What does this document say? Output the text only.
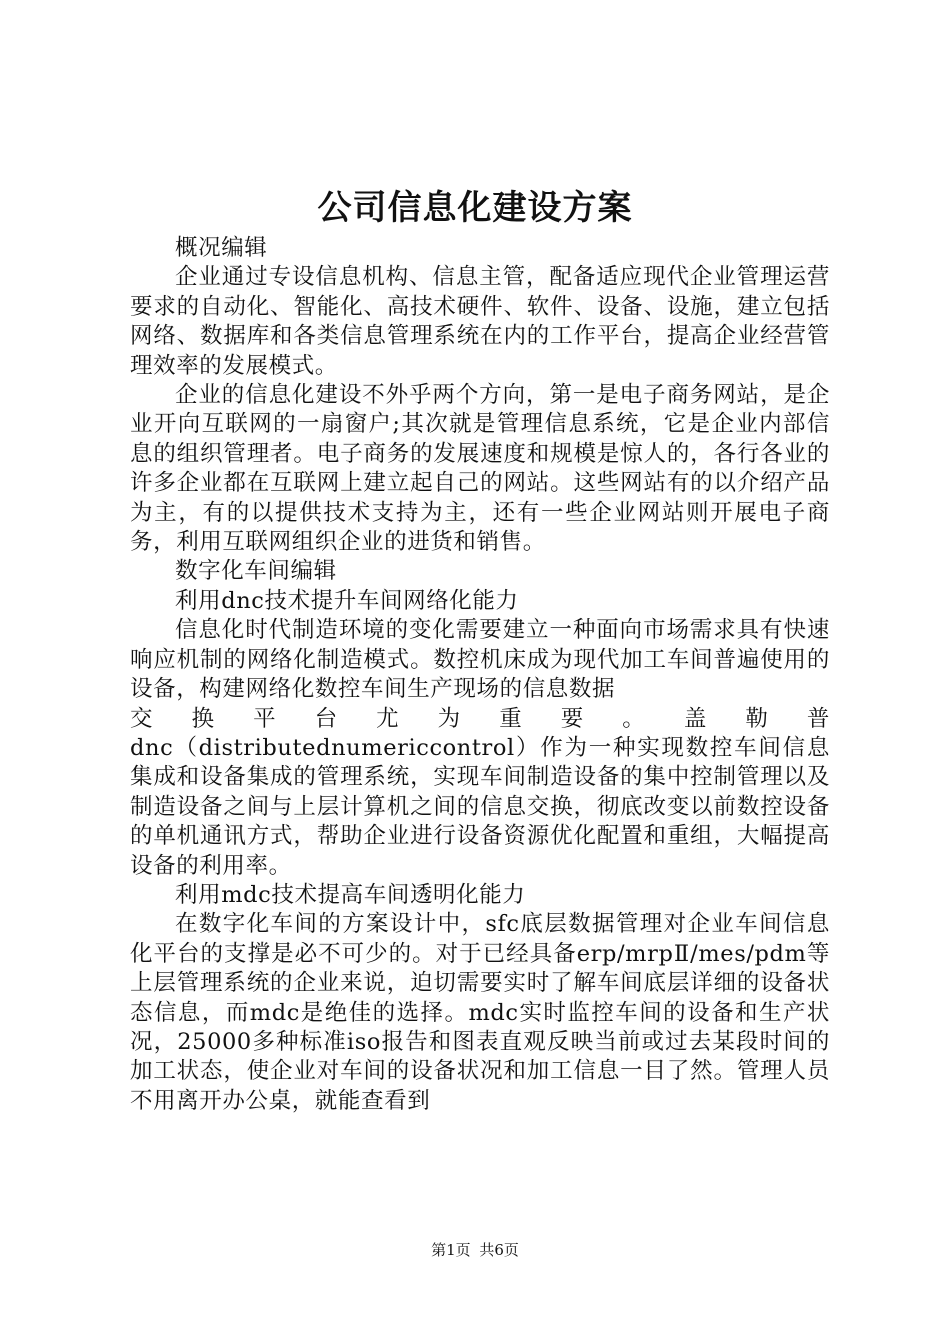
公司信息化建设方案

概况编辑

企业通过专设信息机构、信息主管，配备适应现代企业管理运营要求的自动化、智能化、高技术硬件、软件、设备、设施，建立包括网络、数据库和各类信息管理系统在内的工作平台，提高企业经营管理效率的发展模式。

企业的信息化建设不外乎两个方向，第一是电子商务网站，是企业开向互联网的一扇窗户;其次就是管理信息系统，它是企业内部信息的组织管理者。电子商务的发展速度和规模是惊人的，各行各业的许多企业都在互联网上建立起自己的网站。这些网站有的以介绍产品为主，有的以提供技术支持为主，还有一些企业网站则开展电子商务，利用互联网组织企业的进货和销售。

数字化车间编辑

利用dnc技术提升车间网络化能力

信息化时代制造环境的变化需要建立一种面向市场需求具有快速响应机制的网络化制造模式。数控机床成为现代加工车间普遍使用的设备，构建网络化数控车间生产现场的信息数据

交换平台尤为重要。盖勒普

dnc（distributednumericcontrol）作为一种实现数控车间信息集成和设备集成的管理系统，实现车间制造设备的集中控制管理以及制造设备之间与上层计算机之间的信息交换，彻底改变以前数控设备的单机通讯方式，帮助企业进行设备资源优化配置和重组，大幅提高设备的利用率。

利用mdc技术提高车间透明化能力

在数字化车间的方案设计中，sfc底层数据管理对企业车间信息化平台的支撑是必不可少的。对于已经具备erp/mrpⅡ/mes/pdm等上层管理系统的企业来说，迫切需要实时了解车间底层详细的设备状态信息，而mdc是绝佳的选择。mdc实时监控车间的设备和生产状况，25000多种标准iso报告和图表直观反映当前或过去某段时间的加工状态，使企业对车间的设备状况和加工信息一目了然。管理人员不用离开办公桌，就能查看到

第1页 共6页
